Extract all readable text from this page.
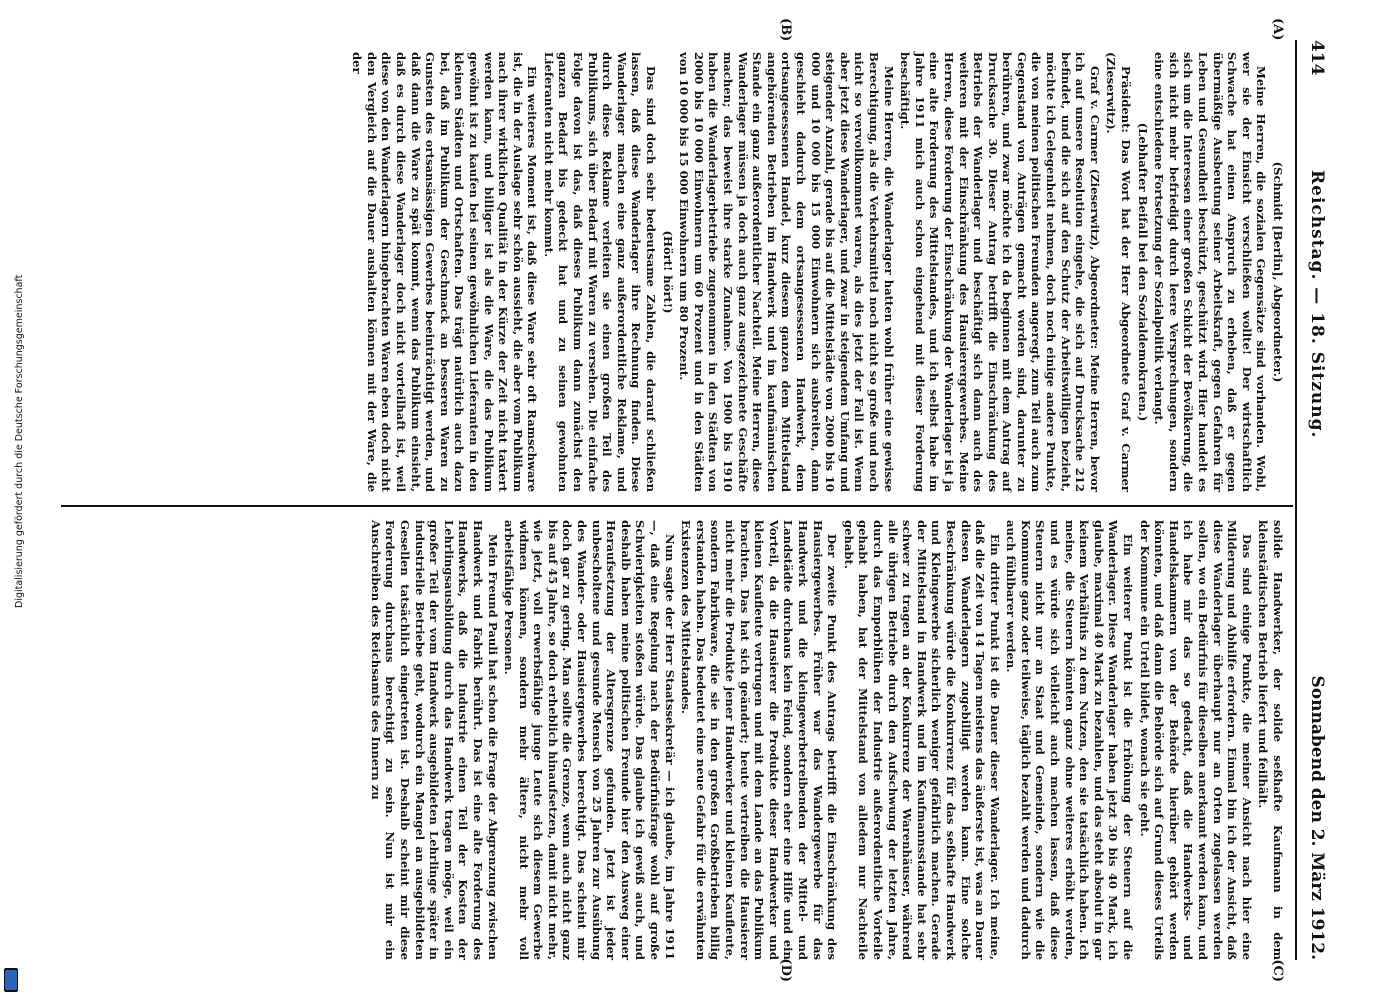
414
Reichstag. — 18. Sitzung.
Sonnabend den 2. März 1912.
(A)
(B)
(C)
(D)

(Schmidt [Berlin], Abgeordneter.)

Meine Herren, die sozialen Gegensätze sind vorhanden. Wohl, wer sie der Einsicht verschließen wollte! Der wirtschaftlich Schwache hat einen Anspruch zu erheben, daß er gegen übermäßige Ausbeutung seiner Arbeitskraft, gegen Gefahren für Leben und Gesundheit beschützt, geschützt wird. Hier handelt es sich um die Interessen einer großen Schicht der Bevölkerung, die sich nicht mehr befriedigt durch leere Versprechungen, sondern eine entschiedene Fortsetzung der Sozialpolitik verlangt.

(Lebhafter Beifall bei den Sozialdemokraten.)

Präsident: Das Wort hat der Herr Abgeordnete Graf v. Carmer (Zieserwitz).

Graf v. Carmer (Zieserwitz), Abgeordneter: Meine Herren, bevor ich auf unsere Resolution eingehe, die sich auf Drucksache 212 befindet, und die sich auf den Schutz der Arbeitswilligen bezieht, möchte ich Gelegenheit nehmen, doch noch einige andere Punkte, die von meinen politischen Freunden angeregt, zum Teil auch zum Gegenstand von Anträgen gemacht worden sind, darunter zu berühren, und zwar möchte ich da beginnen mit dem Antrag auf Drucksache 30. Dieser Antrag betrifft die Einschränkung des Betriebs der Wanderlager und beschäftigt sich dann auch des weiteren mit der Einschränkung des Hausierergewerbes. Meine Herren, diese Forderung der Einschränkung der Wanderlager ist ja eine alte Forderung des Mittelstandes, und ich selbst habe im Jahre 1911 mich auch schon eingehend mit dieser Forderung beschäftigt.

Meine Herren, die Wanderlager hatten wohl früher eine gewisse Berechtigung, als die Verkehrsmittel noch nicht so große und noch nicht so vervollkommnet waren, als dies jetzt der Fall ist. Wenn aber jetzt diese Wanderlager, und zwar in steigendem Umfang und steigender Anzahl, gerade bis auf die Mittelstädte von 2000 bis 10 000 und 10 000 bis 15 000 Einwohnern sich ausbreiten, dann geschieht dadurch dem ortsangesessenen Handwerk, dem ortsangesessenen Handel, kurz diesem ganzen dem Mittelstand angehörenden Betrieben im Handwerk und im kaufmännischen Stande ein ganz außerordentlicher Nachteil. Meine Herren, diese Wanderlager müssen ja doch auch ganz ausgezeichnete Geschäfte machen; das beweist ihre starke Zunahme. Von 1900 bis 1910 haben die Wanderlagerbetriebe zugenommen in den Städten von 2000 bis 10 000 Einwohnern um 60 Prozent und in den Städten von 10 000 bis 15 000 Einwohnern um 80 Prozent.

(Hört! hört!)

Das sind doch sehr bedeutsame Zahlen, die darauf schließen lassen, daß diese Wanderlager ihre Rechnung finden. Diese Wanderlager machen eine ganz außerordentliche Reklame, und durch diese Reklame verleiten sie einen großen Teil des Publikums, sich über Bedarf mit Waren zu versehen. Die einfache Folge davon ist das, daß dieses Publikum dann zunächst den ganzen Bedarf bis gedeckt hat und zu seinen gewohnten Lieferanten nicht mehr kommt.

Ein weiteres Moment ist, daß diese Ware sehr oft Ramschware ist, die in der Auslage sehr schön aussieht, die aber vom Publikum nach ihrer wirklichen Qualität in der Kürze der Zeit nicht taxiert werden kann, und billiger ist als die Ware, die das Publikum gewöhnt ist zu kaufen bei seinen gewöhnlichen Lieferanten in den kleinen Städten und Ortschaften. Das trägt natürlich auch dazu bei, daß im Publikum der Geschmack an besseren Waren zu Gunsten des ortsansässigen Gewerbes beeinträchtigt werden, und daß dann die Ware zu spät kommt, wenn das Publikum einsieht, daß es durch diese Wanderlager doch nicht vorteilhaft ist, weil diese von den Wanderlagern hingebrachten Waren eben doch nicht den Vergleich auf die Dauer aushalten können mit der Ware, die der

solide Handwerker, der solide seßhafte Kaufmann in dem kleinstädtischen Betrieb liefert und feilhält.

Das sind einige Punkte, die meiner Ansicht nach hier eine Milderung und Abhilfe erfordern. Einmal bin ich der Ansicht, daß diese Wanderlager überhaupt nur an Orten zugelassen werden sollen, wo ein Bedürfnis für dieselben anerkannt werden kann, und ich habe mir das so gedacht, daß die Handwerks- und Handelskammern von der Behörde hierüber gehört werden könnten, und daß dann die Behörde sich auf Grund dieses Urteils der Kommune ein Urteil bildet, wonach sie geht.

Ein weiterer Punkt ist die Erhöhung der Steuern auf die Wanderlager. Diese Wanderlager haben jetzt 30 bis 40 Mark, ich glaube, maximal 40 Mark zu bezahlen, und das steht absolut in gar keinem Verhältnis zu dem Nutzen, den sie tatsächlich haben. Ich meine, die Steuern könnten ganz ohne weiteres erhöht werden, und es würde sich vielleicht auch machen lassen, daß diese Steuern nicht nur an Staat und Gemeinde, sondern wie die Kommune ganz oder teilweise, täglich bezahlt werden und dadurch auch fühlbarer werden.

Ein dritter Punkt ist die Dauer dieser Wanderlager. Ich meine, daß die Zeit von 14 Tagen meistens das äußerste ist, was an Dauer diesen Wanderlagern zugebilligt werden kann. Eine solche Beschränkung würde die Konkurrenz für das seßhafte Handwerk und Kleingewerbe sicherlich weniger gefährlich machen. Gerade der Mittelstand in Handwerk und im Kaufmannsstande hat sehr schwer zu tragen an der Konkurrenz der Warenhäuser, während alle übrigen Betriebe durch den Aufschwung der letzten Jahre, durch das Emporblühen der Industrie außerordentliche Vorteile gehabt haben, hat der Mittelstand von alledem nur Nachteile gehabt.

Der zweite Punkt des Antrags betrifft die Einschränkung des Hausiergewerbes. Früher war das Wandergewerbe für das Handwerk und die kleingewerbetreibenden der Mittel- und Landstädte durchaus kein Feind, sondern eher eine Hilfe und ein Vorteil, da die Hausierer die Produkte dieser Handwerker und kleinen Kaufleute vertrugen und mit dem Lande an das Publikum brachten. Das hat sich geändert; heute vertreiben die Hausierer nicht mehr die Produkte jener Handwerker und kleinen Kaufleute, sondern Fabrikware, die sie in den großen Großbetrieben billig erstanden haben. Das bedeutet eine neue Gefahr für die erwähnten Existenzen des Mittelstandes.

Nun sagte der Herr Staatssekretär — ich glaube, im Jahre 1911 —, daß eine Regelung nach der Bedürfnisfrage wohl auf große Schwierigkeiten stoßen würde. Das glaube ich gewiß auch, und deshalb haben meine politischen Freunde hier den Ausweg einer Heraufsetzung der Altersgrenze gefunden. Jetzt ist jeder unbescholtene und gesunde Mensch von 25 Jahren zur Ausübung des Wander- oder Hausiergewerbes berechtigt. Das scheint mir doch gar zu gering. Man sollte die Grenze, wenn auch nicht ganz bis auf 45 Jahre, so doch erheblich hinaufsetzen, damit nicht mehr, wie jetzt, voll erwerbsfähige junge Leute sich diesem Gewerbe widmen können, sondern mehr ältere, nicht mehr voll arbeitsfähige Personen.

Mein Freund Pauli hat schon die Frage der Abgrenzung zwischen Handwerk und Fabrik berührt. Das ist eine alte Forderung des Handwerks, daß die Industrie einen Teil der Kosten der Lehrlingsausbildung durch das Handwerk tragen möge, weil ein großer Teil der vom Handwerk ausgebildeten Lehrlinge später in industrielle Betriebe geht, wodurch ein Mangel an ausgebildeten Gesellen tatsächlich eingetreten ist. Deshalb scheint mir diese Forderung durchaus berechtigt zu sein. Nun ist mir ein Anschreiben des Reichsamts des Innern zu

Digitalisierung gefördert durch die Deutsche Forschungsgemeinschaft
